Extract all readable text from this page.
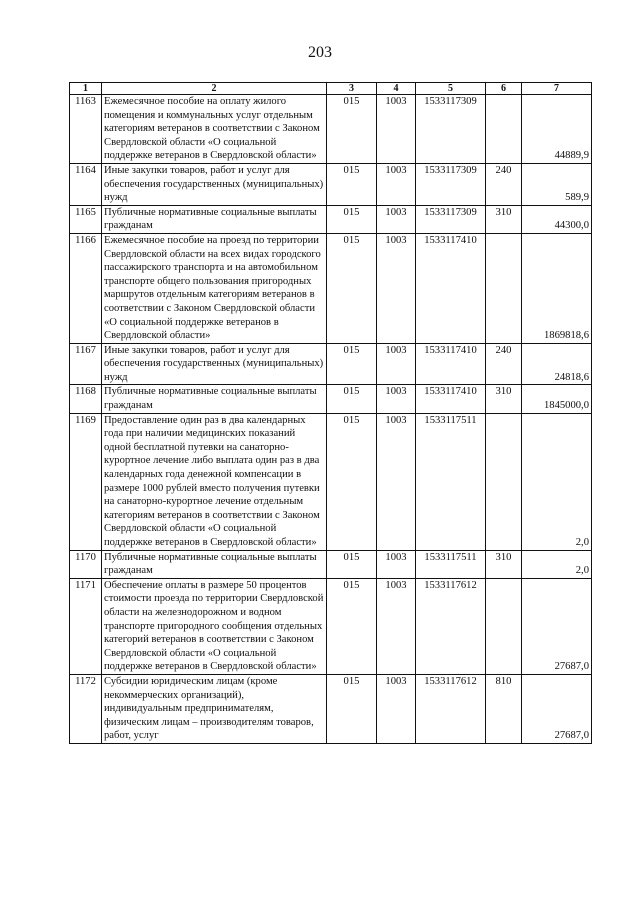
203
1	2	3	4	5	6	7
1163	Ежемесячное пособие на оплату жилого помещения и коммунальных услуг отдельным категориям ветеранов в соответствии с Законом Свердловской области «О социальной поддержке ветеранов в Свердловской области»	015	1003	1533117309		44889,9
1164	Иные закупки товаров, работ и услуг для обеспечения государственных (муниципальных) нужд	015	1003	1533117309	240	589,9
1165	Публичные нормативные социальные выплаты гражданам	015	1003	1533117309	310	44300,0
1166	Ежемесячное пособие на проезд по территории Свердловской области на всех видах городского пассажирского транспорта и на автомобильном транспорте общего пользования пригородных маршрутов отдельным категориям ветеранов в соответствии с Законом Свердловской области «О социальной поддержке ветеранов в Свердловской области»	015	1003	1533117410		1869818,6
1167	Иные закупки товаров, работ и услуг для обеспечения государственных (муниципальных) нужд	015	1003	1533117410	240	24818,6
1168	Публичные нормативные социальные выплаты гражданам	015	1003	1533117410	310	1845000,0
1169	Предоставление один раз в два календарных года при наличии медицинских показаний одной бесплатной путевки на санаторно-курортное лечение либо выплата один раз в два календарных года денежной компенсации в размере 1000 рублей вместо получения путевки на санаторно-курортное лечение отдельным категориям ветеранов в соответствии с Законом Свердловской области «О социальной поддержке ветеранов в Свердловской области»	015	1003	1533117511		2,0
1170	Публичные нормативные социальные выплаты гражданам	015	1003	1533117511	310	2,0
1171	Обеспечение оплаты в размере 50 процентов стоимости проезда по территории Свердловской области на железнодорожном и водном транспорте пригородного сообщения отдельных категорий ветеранов в соответствии с Законом Свердловской области «О социальной поддержке ветеранов в Свердловской области»	015	1003	1533117612		27687,0
1172	Субсидии юридическим лицам (кроме некоммерческих организаций), индивидуальным предпринимателям, физическим лицам – производителям товаров, работ, услуг	015	1003	1533117612	810	27687,0
